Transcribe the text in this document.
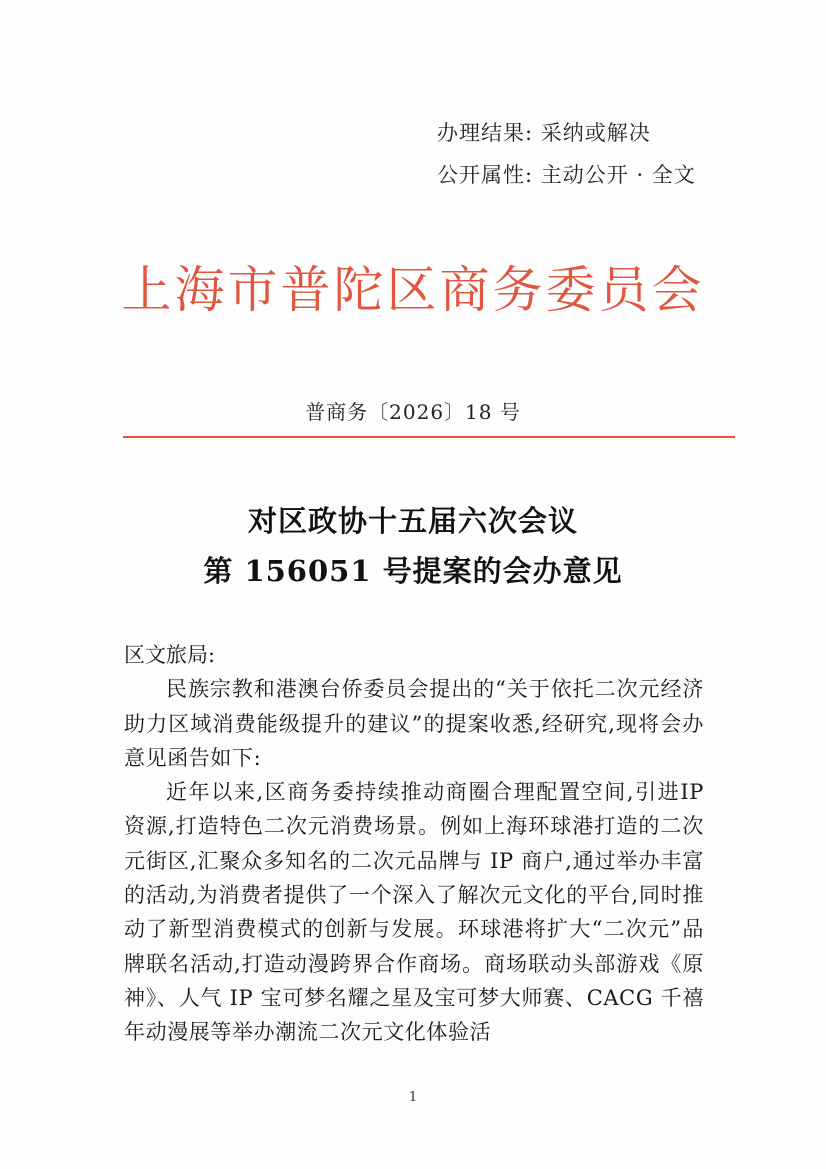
办理结果: 采纳或解决
公开属性: 主动公开 · 全文
上海市普陀区商务委员会
普商务〔2026〕18 号
对区政协十五届六次会议
第 156051 号提案的会办意见

区文旅局:

民族宗教和港澳台侨委员会提出的“关于依托二次元经济助力区域消费能级提升的建议”的提案收悉,经研究,现将会办意见函告如下:

近年以来,区商务委持续推动商圈合理配置空间,引进IP 资源,打造特色二次元消费场景。例如上海环球港打造的二次元街区,汇聚众多知名的二次元品牌与 IP 商户,通过举办丰富的活动,为消费者提供了一个深入了解次元文化的平台,同时推动了新型消费模式的创新与发展。环球港将扩大“二次元”品牌联名活动,打造动漫跨界合作商场。商场联动头部游戏《原神》、人气 IP 宝可梦名耀之星及宝可梦大师赛、CACG 千禧年动漫展等举办潮流二次元文化体验活

1
